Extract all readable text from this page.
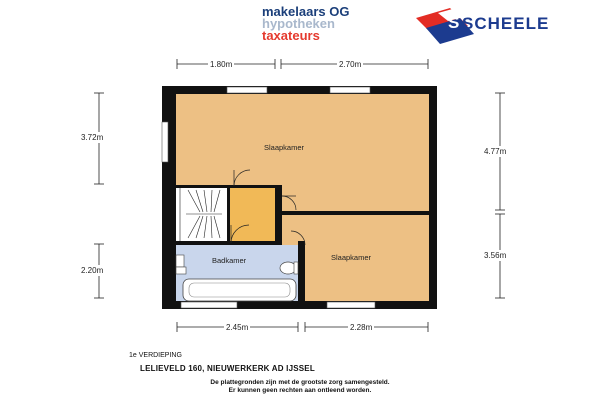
makelaars OG
hypotheken
taxateurs
S SCHEELE
1.80m	2.70m
3.72m
2.20m
4.77m
3.56m
2.45m	2.28m
Slaapkamer
Badkamer	Slaapkamer
1e VERDIEPING
LELIEVELD 160, NIEUWERKERK AD IJSSEL
De plattegronden zijn met de grootste zorg samengesteld.
Er kunnen geen rechten aan ontleend worden.
